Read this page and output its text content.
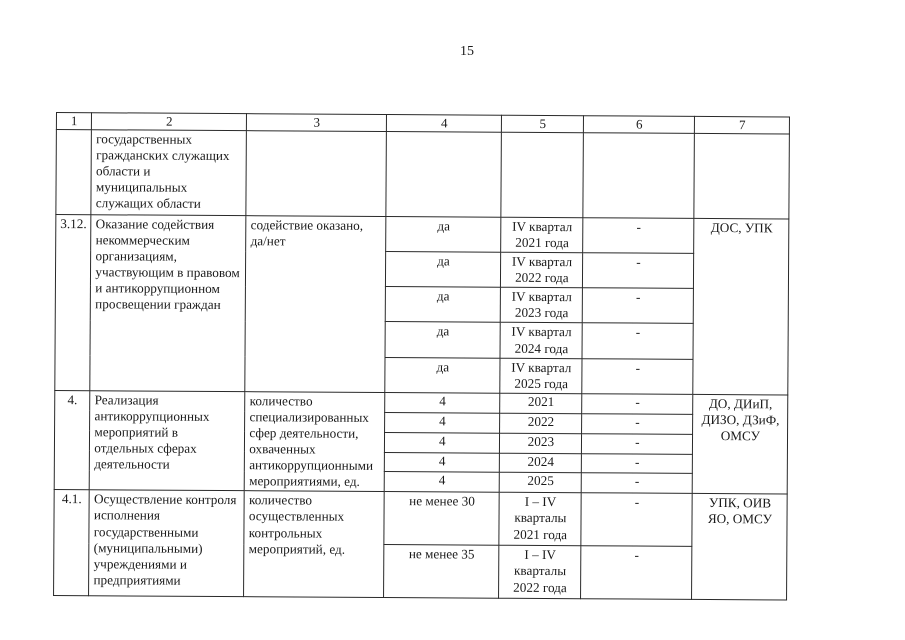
15
1	2	3	4	5	6	7
	государственных гражданских служащих области и муниципальных служащих области					
3.12.	Оказание содействия некоммерческим организациям, участвующим в правовом и антикоррупционном просвещении граждан	содействие оказано, да/нет	да	IV квартал 2021 года	-	ДОС, УПК
			да	IV квартал 2022 года	-	
			да	IV квартал 2023 года	-	
			да	IV квартал 2024 года	-	
			да	IV квартал 2025 года	-	
4.	Реализация антикоррупционных мероприятий в отдельных сферах деятельности	количество специализированных сфер деятельности, охваченных антикоррупционными мероприятиями, ед.	4	2021	-	ДО, ДИиП, ДИЗО, ДЗиФ, ОМСУ
			4	2022	-	
			4	2023	-	
			4	2024	-	
			4	2025	-	
4.1.	Осуществление контроля исполнения государственными (муниципальными) учреждениями и предприятиями	количество осуществленных контрольных мероприятий, ед.	не менее 30	I – IV кварталы 2021 года	-	УПК, ОИВ ЯО, ОМСУ
			не менее 35	I – IV кварталы 2022 года	-	
